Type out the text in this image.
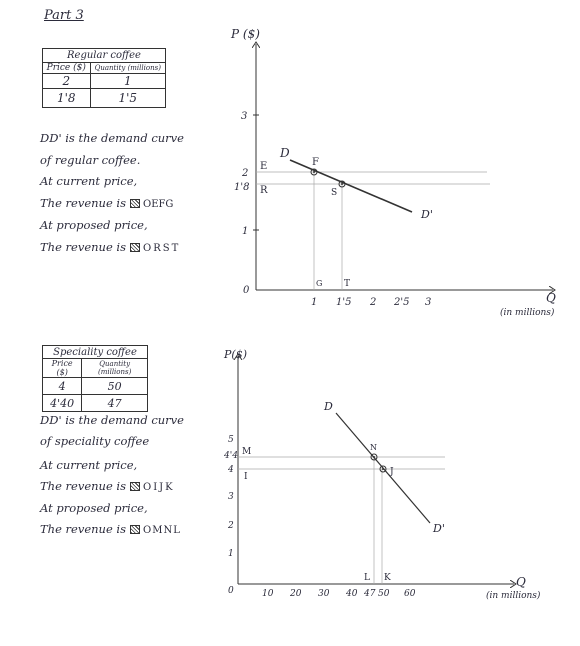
Part 3
Regular coffee	
Price ($)	Quantity (millions)
2	1
1'8	1'5
DD' is the demand curve
of regular coffee.
At current price,
The revenue is OEFG
At proposed price,
The revenue is ORST
Speciality coffee	
Price ($)	Quantity (millions)
4	50
4'40	47
DD' is the demand curve
of speciality coffee
At current price,
The revenue is OIJK
At proposed price,
The revenue is OMNL
P ($)
Q
(in millions)
0
3
2
1'8
1
1 1'5 2 2'5 3
D
D'
E	F
R	S
G T
P($)
Q
(in millions)
0
5
4'4
4
3
2
1
10 20 30 40 47 50 60
D
D'
M	N
I	J
L K
